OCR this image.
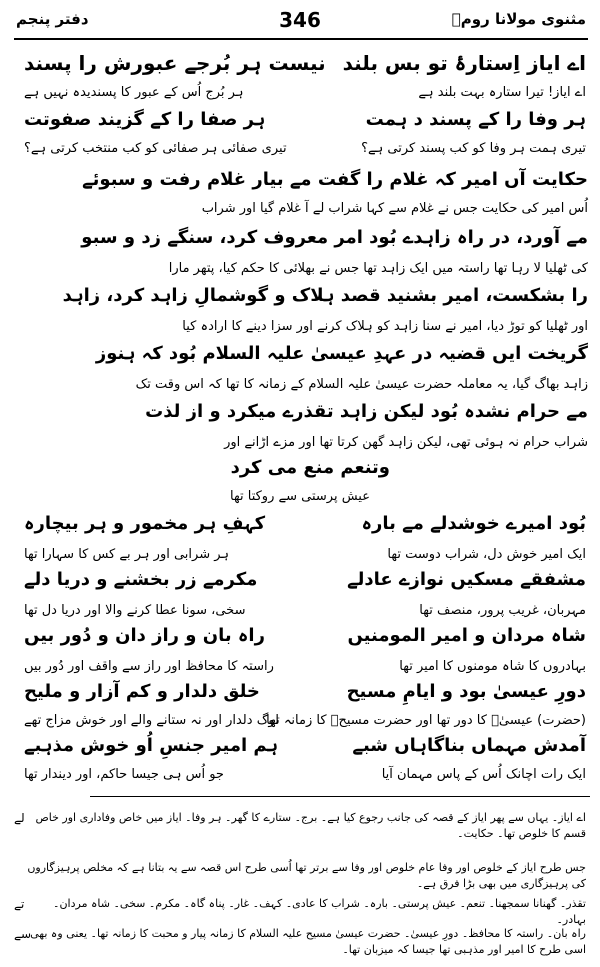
دفتر پنجم	346	مثنوی مولانا رومؒ
اے ایاز اِستارۂ تو بس بلند
نیست ہر بُرجے عبورش را پسند
اے ایاز! تیرا ستارہ بہت بلند ہے
ہر بُرج اُس کے عبور کا پسندیدہ نہیں ہے
ہر وفا را کے پسند د ہمت
ہر صفا را کے گزیند صفوتت
تیری ہمت ہر وفا کو کب پسند کرتی ہے؟
تیری صفائی ہر صفائی کو کب منتخب کرتی ہے؟
حکایت آں امیر کہ غلام را گفت مے بیار غلام رفت و سبوئے
اُس امیر کی حکایت جس نے غلام سے کہا شراب لے آ غلام گیا اور شراب
مے آورد، در راہ زاہدے بُود امر معروف کرد، سنگے زد و سبو
کی ٹھلیا لا رہا تھا راستہ میں ایک زاہد تھا جس نے بھلائی کا حکم کیا، پتھر مارا
را بشکست، امیر بشنید قصد ہلاک و گوشمالِ زاہد کرد، زاہد
اور ٹھلیا کو توڑ دیا، امیر نے سنا زاہد کو ہلاک کرنے اور سزا دینے کا ارادہ کیا
گریخت ایں قضیہ در عہدِ عیسیٰ علیہ السلام بُود کہ ہنوز
زاہد بھاگ گیا، یہ معاملہ حضرت عیسیٰ علیہ السلام کے زمانہ کا تھا کہ اس وقت تک
مے حرام نشدہ بُود لیکن زاہد تقذرے میکرد و از لذت
شراب حرام نہ ہوئی تھی، لیکن زاہد گھن کرتا تھا اور مزے اڑانے اور
وتنعم منع می کرد
عیش پرستی سے روکتا تھا
بُود امیرے خوشدلے مے بارہ
کہفِ ہر مخمور و ہر بیچارہ
ایک امیر خوش دل، شراب دوست تھا
ہر شرابی اور ہر بے کس کا سہارا تھا
مشفقے مسکیں نوازے عادلے
مکرمے زر بخشنے و دریا دلے
مہربان، غریب پرور، منصف تھا
سخی، سونا عطا کرنے والا اور دریا دل تھا
شاہ مردان و امیر المومنیں
راہ بان و راز دان و دُور بیں
بہادروں کا شاہ مومنوں کا امیر تھا
راستہ کا محافظ اور راز سے واقف اور دُور بیں
دورِ عیسیٰ بود و ایامِ مسیح
خلق دلدار و کم آزار و ملیح
(حضرت) عیسیٰؑ کا دور تھا اور حضرت مسیحؑ کا زمانہ تھا
لوگ دلدار اور نہ ستانے والے اور خوش مزاج تھے
آمدش مہماں بناگاہاں شبے
ہم امیر جنسِ اُو خوش مذہبے
ایک رات اچانک اُس کے پاس مہمان آیا
جو اُس ہی جیسا حاکم، اور دیندار تھا
لے اے ایاز۔ یہاں سے پھر ایاز کے قصہ کی جانب رجوع کیا ہے۔ برج۔ ستارے کا گھر۔ ہر وفا۔ ایاز میں خاص وفاداری اور خاص قسم کا خلوص تھا۔ حکایت۔
جس طرح ایاز کے خلوص اور وفا عام خلوص اور وفا سے برتر تھا اُسی طرح اس قصہ سے یہ بتانا ہے کہ مخلص پرہیزگاروں کی پرہیزگاری میں بھی بڑا فرق ہے۔
تے	تقذر۔ گھنانا سمجھنا۔ تنعم۔ عیش پرستی۔ بارہ۔ شراب کا عادی۔ کہف۔ غار۔ پناہ گاہ۔ مکرم۔ سخی۔ شاہ مردان۔ بہادر۔
سے راہ بان۔ راستہ کا محافظ۔ دورِ عیسیٰ۔ حضرت عیسیٰ مسیح علیہ السلام کا زمانہ پیار و محبت کا زمانہ تھا۔ یعنی وہ بھی اسی طرح کا امیر اور مذہبی تھا جیسا کہ میزبان تھا۔
